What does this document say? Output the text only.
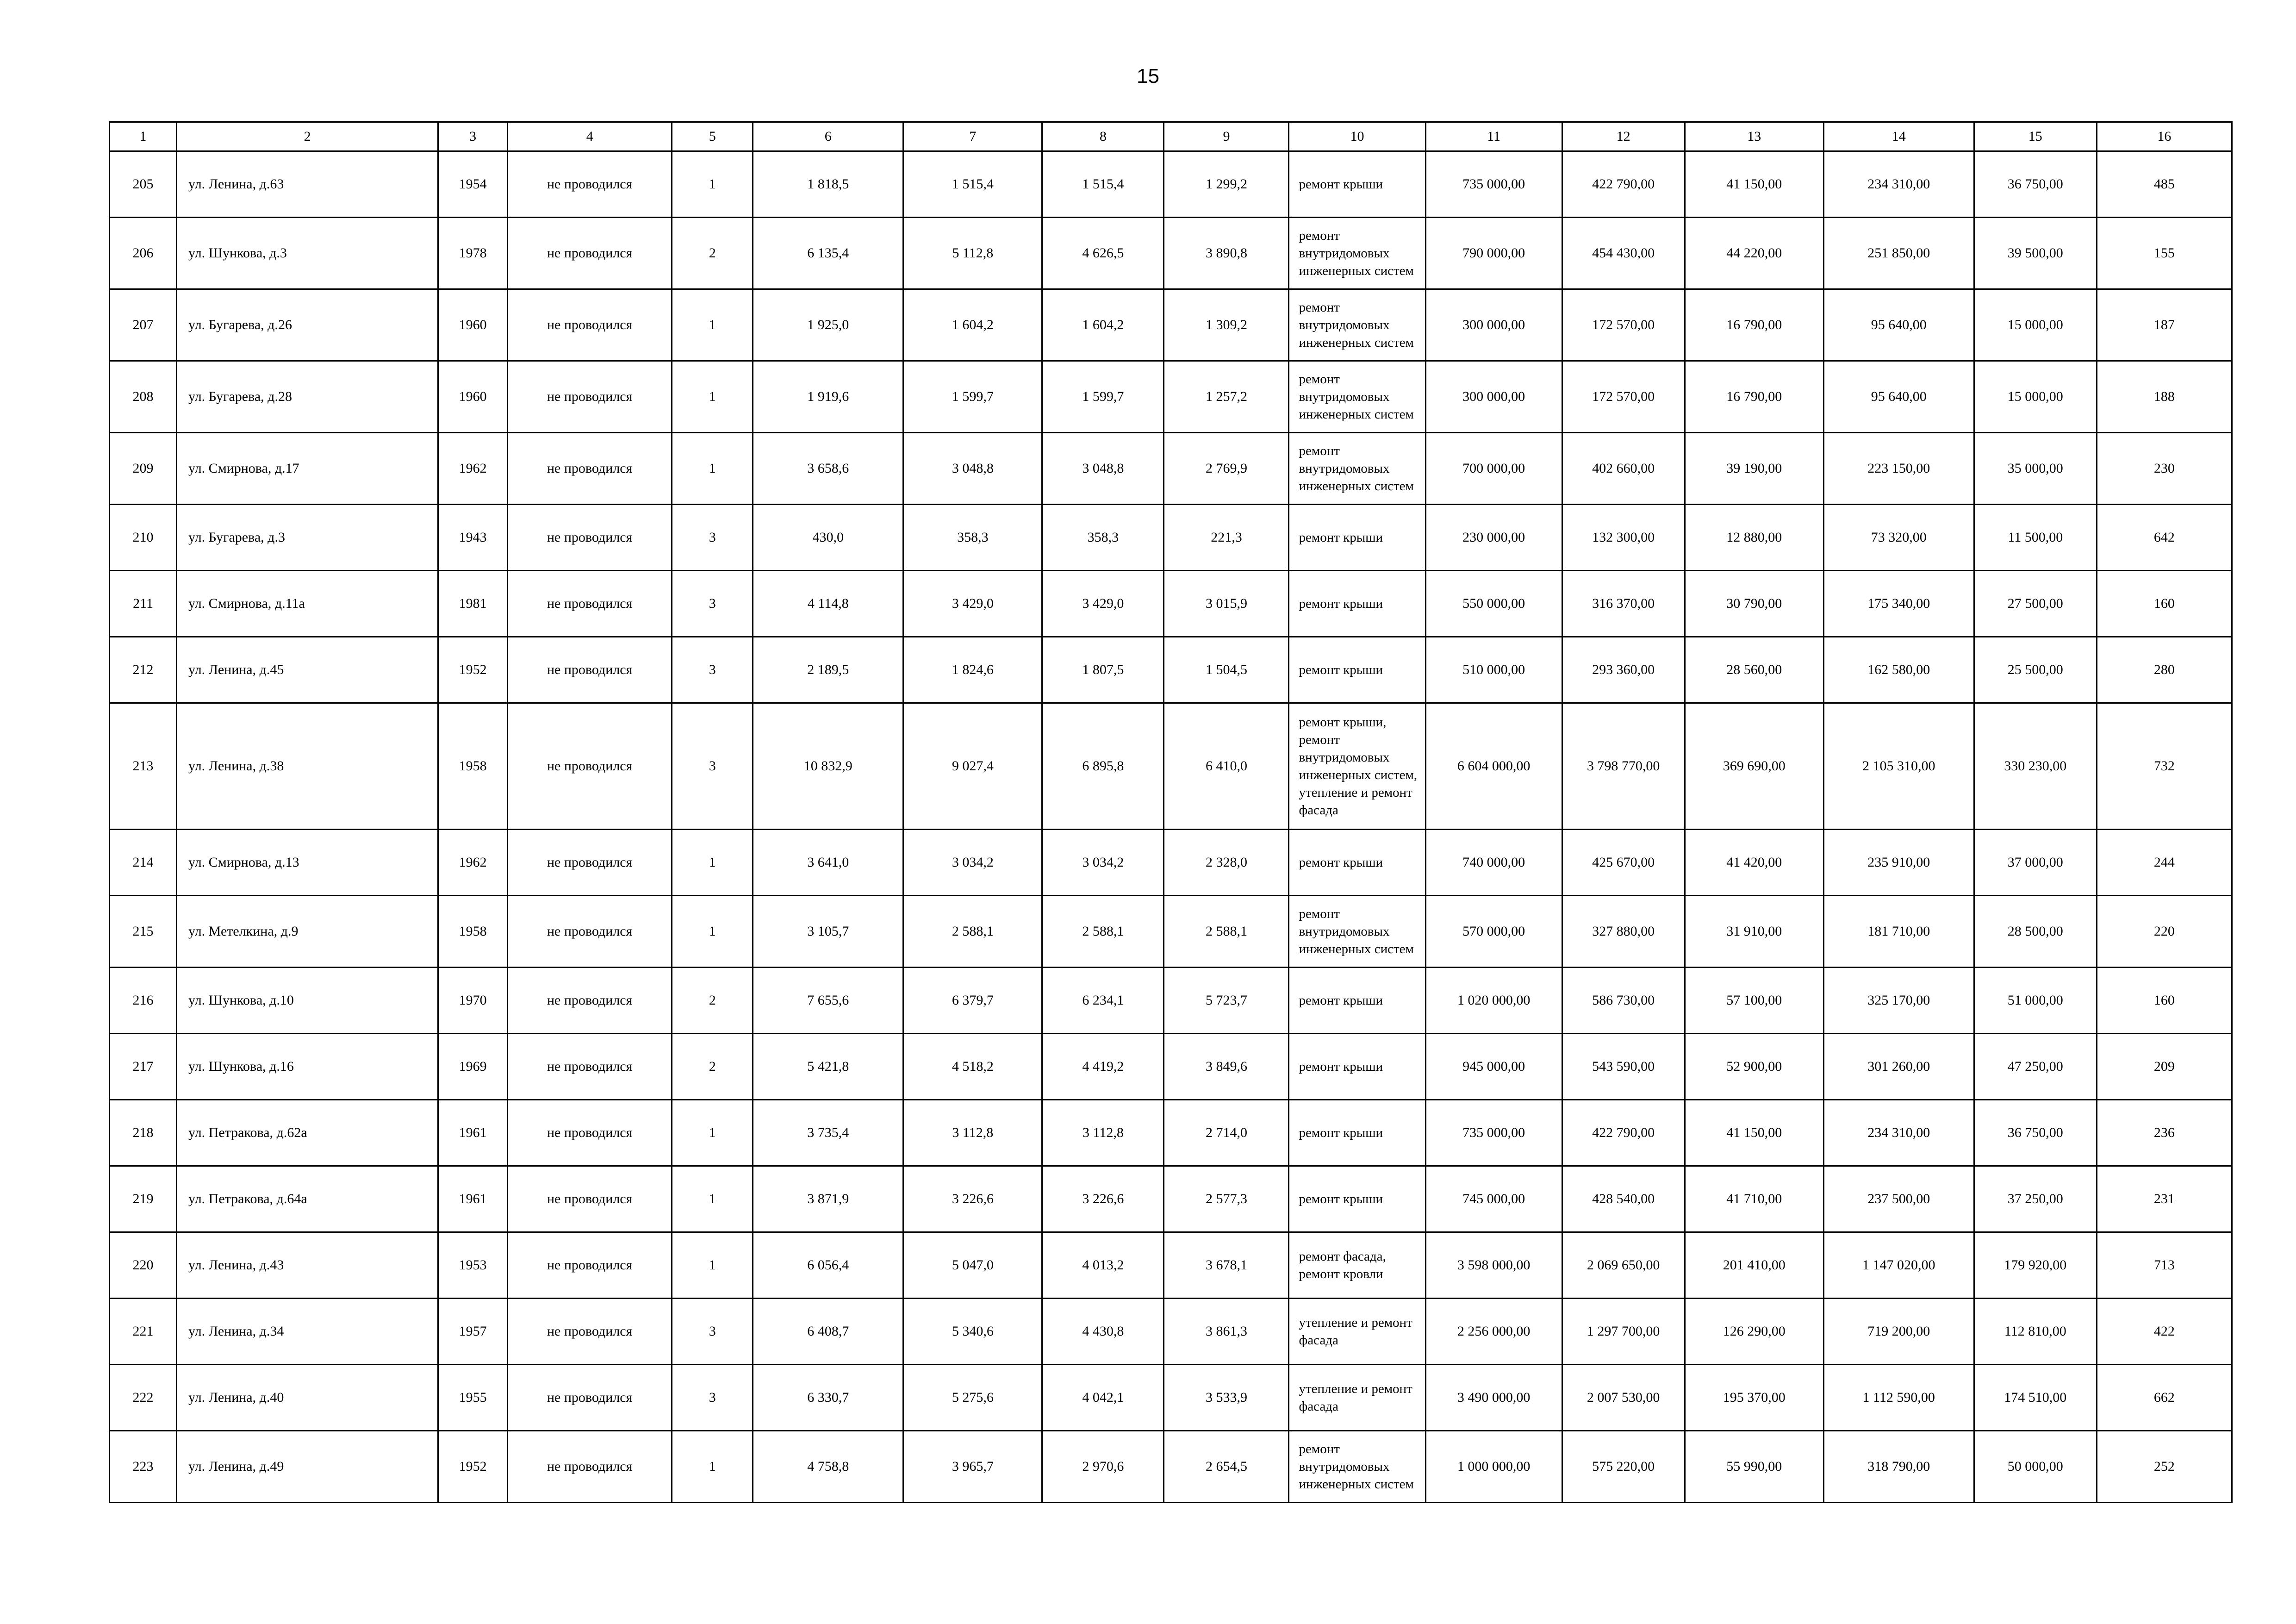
15
1	2	3	4	5	6	7	8	9	10	11	12	13	14	15	16
205	ул. Ленина, д.63	1954	не проводился	1	1 818,5	1 515,4	1 515,4	1 299,2	ремонт крыши	735 000,00	422 790,00	41 150,00	234 310,00	36 750,00	485
206	ул. Шункова, д.3	1978	не проводился	2	6 135,4	5 112,8	4 626,5	3 890,8	ремонт внутридомовых инженерных систем	790 000,00	454 430,00	44 220,00	251 850,00	39 500,00	155
207	ул. Бугарева, д.26	1960	не проводился	1	1 925,0	1 604,2	1 604,2	1 309,2	ремонт внутридомовых инженерных систем	300 000,00	172 570,00	16 790,00	95 640,00	15 000,00	187
208	ул. Бугарева, д.28	1960	не проводился	1	1 919,6	1 599,7	1 599,7	1 257,2	ремонт внутридомовых инженерных систем	300 000,00	172 570,00	16 790,00	95 640,00	15 000,00	188
209	ул. Смирнова, д.17	1962	не проводился	1	3 658,6	3 048,8	3 048,8	2 769,9	ремонт внутридомовых инженерных систем	700 000,00	402 660,00	39 190,00	223 150,00	35 000,00	230
210	ул. Бугарева, д.3	1943	не проводился	3	430,0	358,3	358,3	221,3	ремонт крыши	230 000,00	132 300,00	12 880,00	73 320,00	11 500,00	642
211	ул. Смирнова, д.11а	1981	не проводился	3	4 114,8	3 429,0	3 429,0	3 015,9	ремонт крыши	550 000,00	316 370,00	30 790,00	175 340,00	27 500,00	160
212	ул. Ленина, д.45	1952	не проводился	3	2 189,5	1 824,6	1 807,5	1 504,5	ремонт крыши	510 000,00	293 360,00	28 560,00	162 580,00	25 500,00	280
213	ул. Ленина, д.38	1958	не проводился	3	10 832,9	9 027,4	6 895,8	6 410,0	ремонт крыши, ремонт внутридомовых инженерных систем, утепление и ремонт фасада	6 604 000,00	3 798 770,00	369 690,00	2 105 310,00	330 230,00	732
214	ул. Смирнова, д.13	1962	не проводился	1	3 641,0	3 034,2	3 034,2	2 328,0	ремонт крыши	740 000,00	425 670,00	41 420,00	235 910,00	37 000,00	244
215	ул. Метелкина, д.9	1958	не проводился	1	3 105,7	2 588,1	2 588,1	2 588,1	ремонт внутридомовых инженерных систем	570 000,00	327 880,00	31 910,00	181 710,00	28 500,00	220
216	ул. Шункова, д.10	1970	не проводился	2	7 655,6	6 379,7	6 234,1	5 723,7	ремонт крыши	1 020 000,00	586 730,00	57 100,00	325 170,00	51 000,00	160
217	ул. Шункова, д.16	1969	не проводился	2	5 421,8	4 518,2	4 419,2	3 849,6	ремонт крыши	945 000,00	543 590,00	52 900,00	301 260,00	47 250,00	209
218	ул. Петракова, д.62а	1961	не проводился	1	3 735,4	3 112,8	3 112,8	2 714,0	ремонт крыши	735 000,00	422 790,00	41 150,00	234 310,00	36 750,00	236
219	ул. Петракова, д.64а	1961	не проводился	1	3 871,9	3 226,6	3 226,6	2 577,3	ремонт крыши	745 000,00	428 540,00	41 710,00	237 500,00	37 250,00	231
220	ул. Ленина, д.43	1953	не проводился	1	6 056,4	5 047,0	4 013,2	3 678,1	ремонт фасада, ремонт кровли	3 598 000,00	2 069 650,00	201 410,00	1 147 020,00	179 920,00	713
221	ул. Ленина, д.34	1957	не проводился	3	6 408,7	5 340,6	4 430,8	3 861,3	утепление и ремонт фасада	2 256 000,00	1 297 700,00	126 290,00	719 200,00	112 810,00	422
222	ул. Ленина, д.40	1955	не проводился	3	6 330,7	5 275,6	4 042,1	3 533,9	утепление и ремонт фасада	3 490 000,00	2 007 530,00	195 370,00	1 112 590,00	174 510,00	662
223	ул. Ленина, д.49	1952	не проводился	1	4 758,8	3 965,7	2 970,6	2 654,5	ремонт внутридомовых инженерных систем	1 000 000,00	575 220,00	55 990,00	318 790,00	50 000,00	252
